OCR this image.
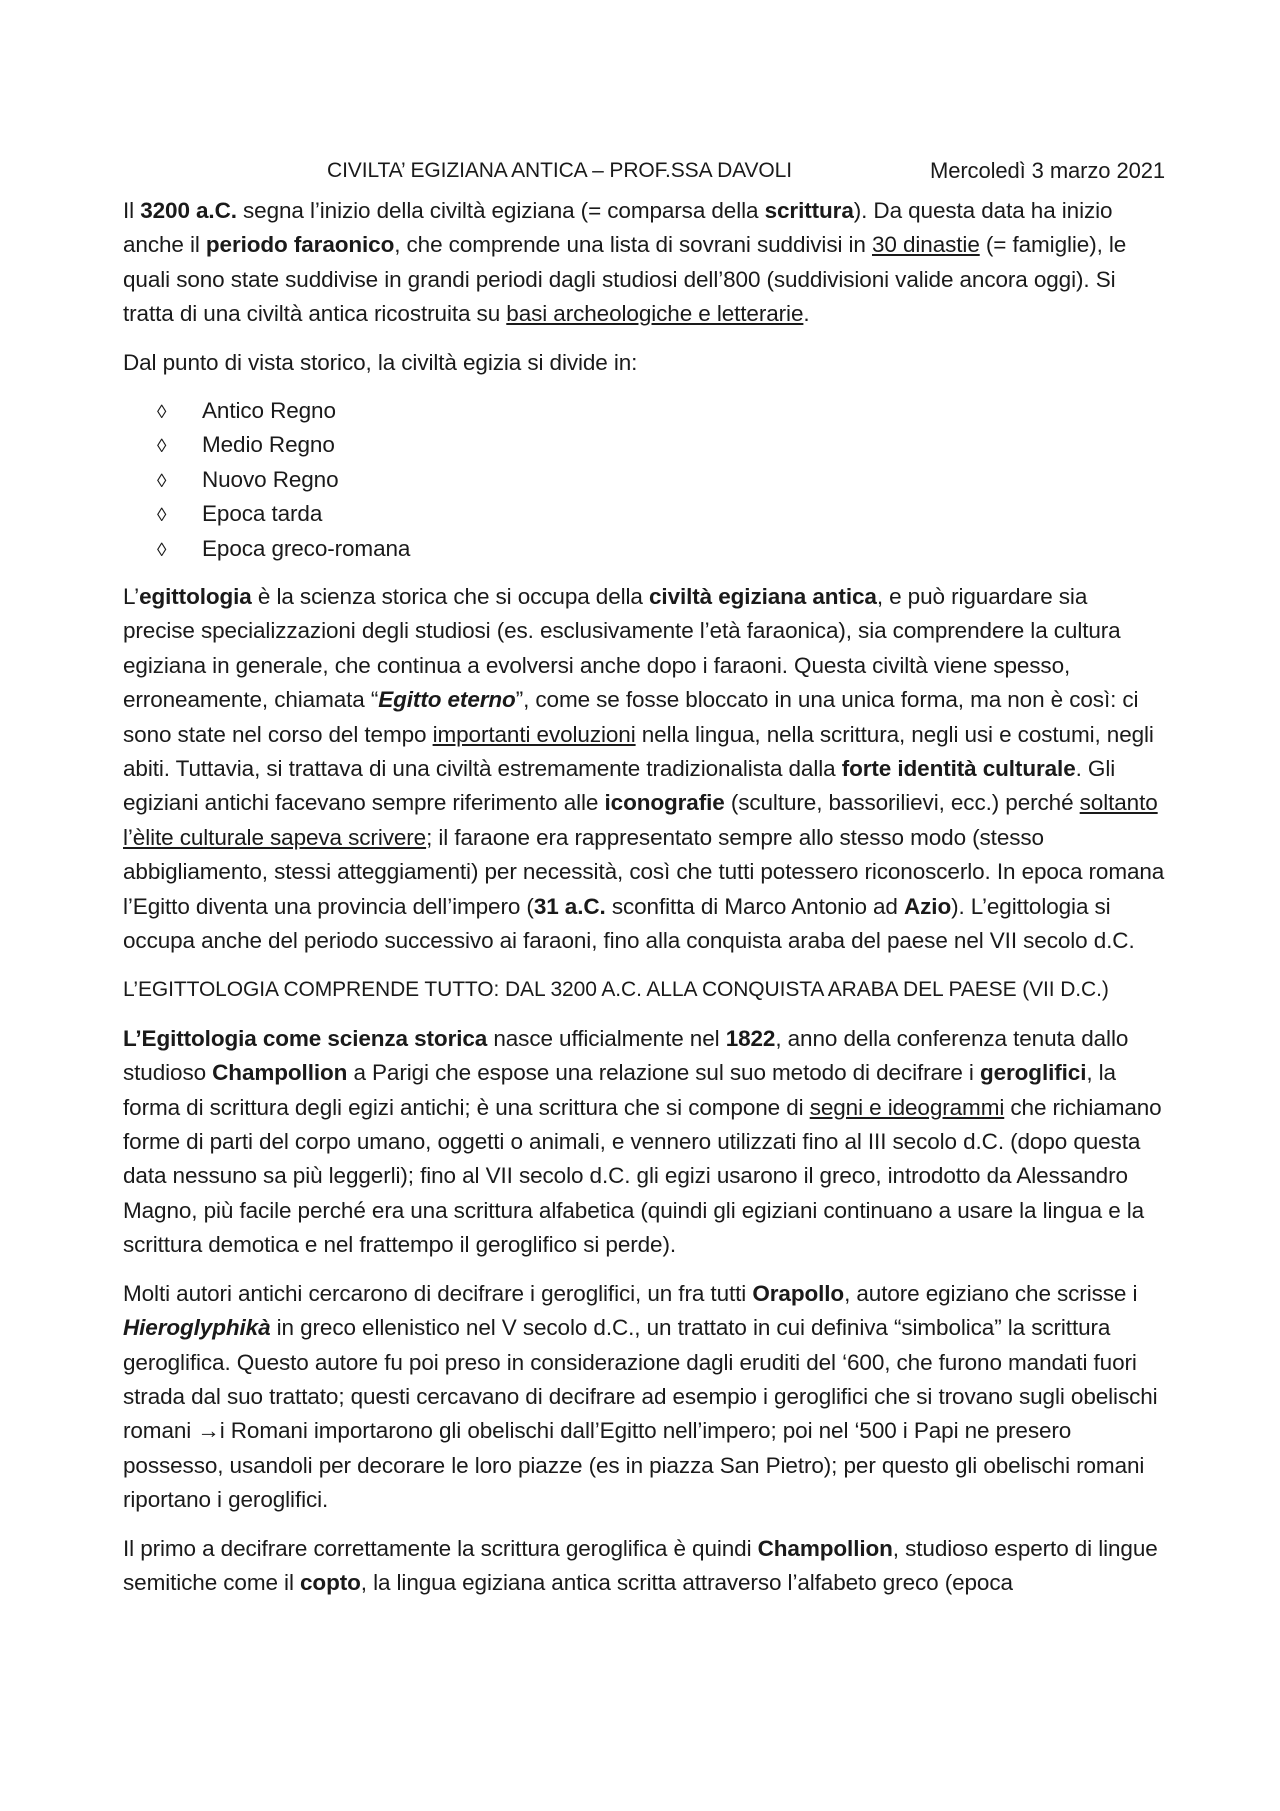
CIVILTA’ EGIZIANA ANTICA – PROF.SSA DAVOLI	Mercoledì 3 marzo 2021

Il 3200 a.C. segna l’inizio della civiltà egiziana (= comparsa della scrittura). Da questa data ha inizio anche il periodo faraonico, che comprende una lista di sovrani suddivisi in 30 dinastie (= famiglie), le quali sono state suddivise in grandi periodi dagli studiosi dell’800 (suddivisioni valide ancora oggi). Si tratta di una civiltà antica ricostruita su basi archeologiche e letterarie.

Dal punto di vista storico, la civiltà egizia si divide in:

◊	Antico Regno
◊	Medio Regno
◊	Nuovo Regno
◊	Epoca tarda
◊	Epoca greco-romana

L’egittologia è la scienza storica che si occupa della civiltà egiziana antica, e può riguardare sia precise specializzazioni degli studiosi (es. esclusivamente l’età faraonica), sia comprendere la cultura egiziana in generale, che continua a evolversi anche dopo i faraoni. Questa civiltà viene spesso, erroneamente, chiamata “Egitto eterno”, come se fosse bloccato in una unica forma, ma non è così: ci sono state nel corso del tempo importanti evoluzioni nella lingua, nella scrittura, negli usi e costumi, negli abiti. Tuttavia, si trattava di una civiltà estremamente tradizionalista dalla forte identità culturale. Gli egiziani antichi facevano sempre riferimento alle iconografie (sculture, bassorilievi, ecc.) perché soltanto l’èlite culturale sapeva scrivere; il faraone era rappresentato sempre allo stesso modo (stesso abbigliamento, stessi atteggiamenti) per necessità, così che tutti potessero riconoscerlo. In epoca romana l’Egitto diventa una provincia dell’impero (31 a.C. sconfitta di Marco Antonio ad Azio). L’egittologia si occupa anche del periodo successivo ai faraoni, fino alla conquista araba del paese nel VII secolo d.C.

L’EGITTOLOGIA COMPRENDE TUTTO: DAL 3200 A.C. ALLA CONQUISTA ARABA DEL PAESE (VII D.C.)

L’Egittologia come scienza storica nasce ufficialmente nel 1822, anno della conferenza tenuta dallo studioso Champollion a Parigi che espose una relazione sul suo metodo di decifrare i geroglifici, la forma di scrittura degli egizi antichi; è una scrittura che si compone di segni e ideogrammi che richiamano forme di parti del corpo umano, oggetti o animali, e vennero utilizzati fino al III secolo d.C. (dopo questa data nessuno sa più leggerli); fino al VII secolo d.C. gli egizi usarono il greco, introdotto da Alessandro Magno, più facile perché era una scrittura alfabetica (quindi gli egiziani continuano a usare la lingua e la scrittura demotica e nel frattempo il geroglifico si perde).

Molti autori antichi cercarono di decifrare i geroglifici, un fra tutti Orapollo, autore egiziano che scrisse i Hieroglyphikà in greco ellenistico nel V secolo d.C., un trattato in cui definiva “simbolica” la scrittura geroglifica. Questo autore fu poi preso in considerazione dagli eruditi del ‘600, che furono mandati fuori strada dal suo trattato; questi cercavano di decifrare ad esempio i geroglifici che si trovano sugli obelischi romani →i Romani importarono gli obelischi dall’Egitto nell’impero; poi nel ‘500 i Papi ne presero possesso, usandoli per decorare le loro piazze (es in piazza San Pietro); per questo gli obelischi romani riportano i geroglifici.

Il primo a decifrare correttamente la scrittura geroglifica è quindi Champollion, studioso esperto di lingue semitiche come il copto, la lingua egiziana antica scritta attraverso l’alfabeto greco (epoca
